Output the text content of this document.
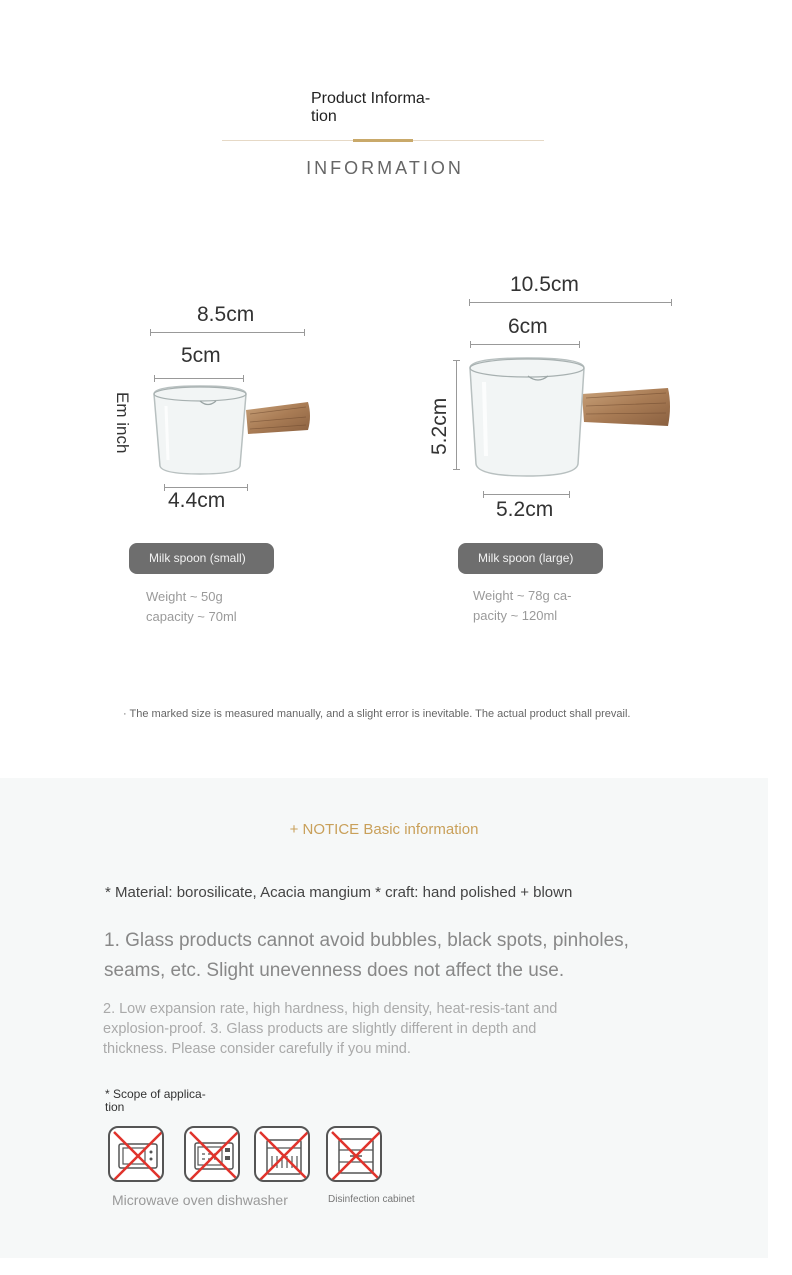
Product Informa-
tion
INFORMATION
8.5cm
5cm
Em inch
4.4cm
Milk spoon (small)
Weight ~ 50g
capacity ~ 70ml
10.5cm
6cm
5.2cm
5.2cm
Milk spoon (large)
Weight ~ 78g ca-
pacity ~ 120ml
· The marked size is measured manually, and a slight error is inevitable. The actual product shall prevail.
+ NOTICE Basic information
* Material: borosilicate, Acacia mangium * craft: hand polished + blown
1. Glass products cannot avoid bubbles, black spots, pinholes, seams, etc. Slight unevenness does not affect the use.
2. Low expansion rate, high hardness, high density, heat-resis-tant and explosion-proof. 3. Glass products are slightly different in depth and thickness. Please consider carefully if you mind.
* Scope of applica-
tion
Microwave oven dishwasher	Disinfection cabinet
